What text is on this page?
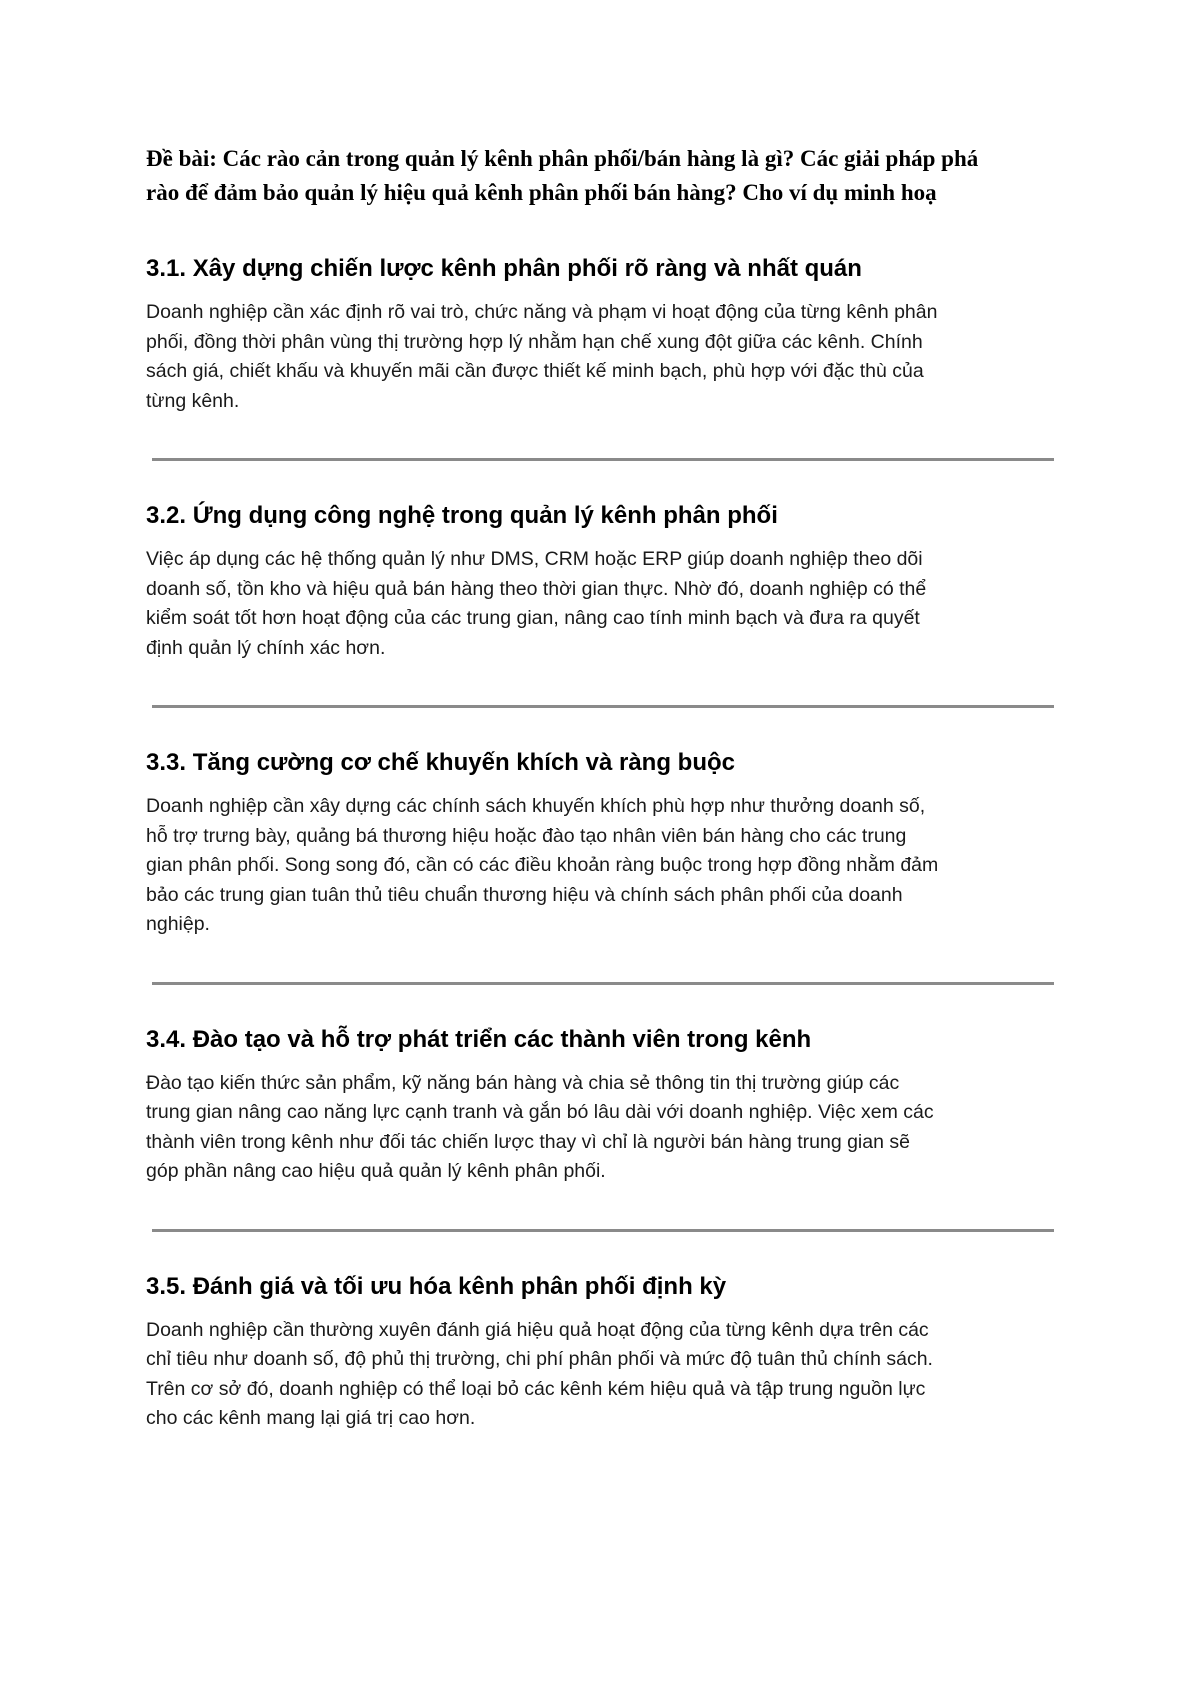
Đề bài: Các rào cản trong quản lý kênh phân phối/bán hàng là gì? Các giải pháp phá
rào để đảm bảo quản lý hiệu quả kênh phân phối bán hàng? Cho ví dụ minh hoạ

3.1. Xây dựng chiến lược kênh phân phối rõ ràng và nhất quán

Doanh nghiệp cần xác định rõ vai trò, chức năng và phạm vi hoạt động của từng kênh phân
phối, đồng thời phân vùng thị trường hợp lý nhằm hạn chế xung đột giữa các kênh. Chính
sách giá, chiết khấu và khuyến mãi cần được thiết kế minh bạch, phù hợp với đặc thù của
từng kênh.

3.2. Ứng dụng công nghệ trong quản lý kênh phân phối

Việc áp dụng các hệ thống quản lý như DMS, CRM hoặc ERP giúp doanh nghiệp theo dõi
doanh số, tồn kho và hiệu quả bán hàng theo thời gian thực. Nhờ đó, doanh nghiệp có thể
kiểm soát tốt hơn hoạt động của các trung gian, nâng cao tính minh bạch và đưa ra quyết
định quản lý chính xác hơn.

3.3. Tăng cường cơ chế khuyến khích và ràng buộc

Doanh nghiệp cần xây dựng các chính sách khuyến khích phù hợp như thưởng doanh số,
hỗ trợ trưng bày, quảng bá thương hiệu hoặc đào tạo nhân viên bán hàng cho các trung
gian phân phối. Song song đó, cần có các điều khoản ràng buộc trong hợp đồng nhằm đảm
bảo các trung gian tuân thủ tiêu chuẩn thương hiệu và chính sách phân phối của doanh
nghiệp.

3.4. Đào tạo và hỗ trợ phát triển các thành viên trong kênh

Đào tạo kiến thức sản phẩm, kỹ năng bán hàng và chia sẻ thông tin thị trường giúp các
trung gian nâng cao năng lực cạnh tranh và gắn bó lâu dài với doanh nghiệp. Việc xem các
thành viên trong kênh như đối tác chiến lược thay vì chỉ là người bán hàng trung gian sẽ
góp phần nâng cao hiệu quả quản lý kênh phân phối.

3.5. Đánh giá và tối ưu hóa kênh phân phối định kỳ

Doanh nghiệp cần thường xuyên đánh giá hiệu quả hoạt động của từng kênh dựa trên các
chỉ tiêu như doanh số, độ phủ thị trường, chi phí phân phối và mức độ tuân thủ chính sách.
Trên cơ sở đó, doanh nghiệp có thể loại bỏ các kênh kém hiệu quả và tập trung nguồn lực
cho các kênh mang lại giá trị cao hơn.
